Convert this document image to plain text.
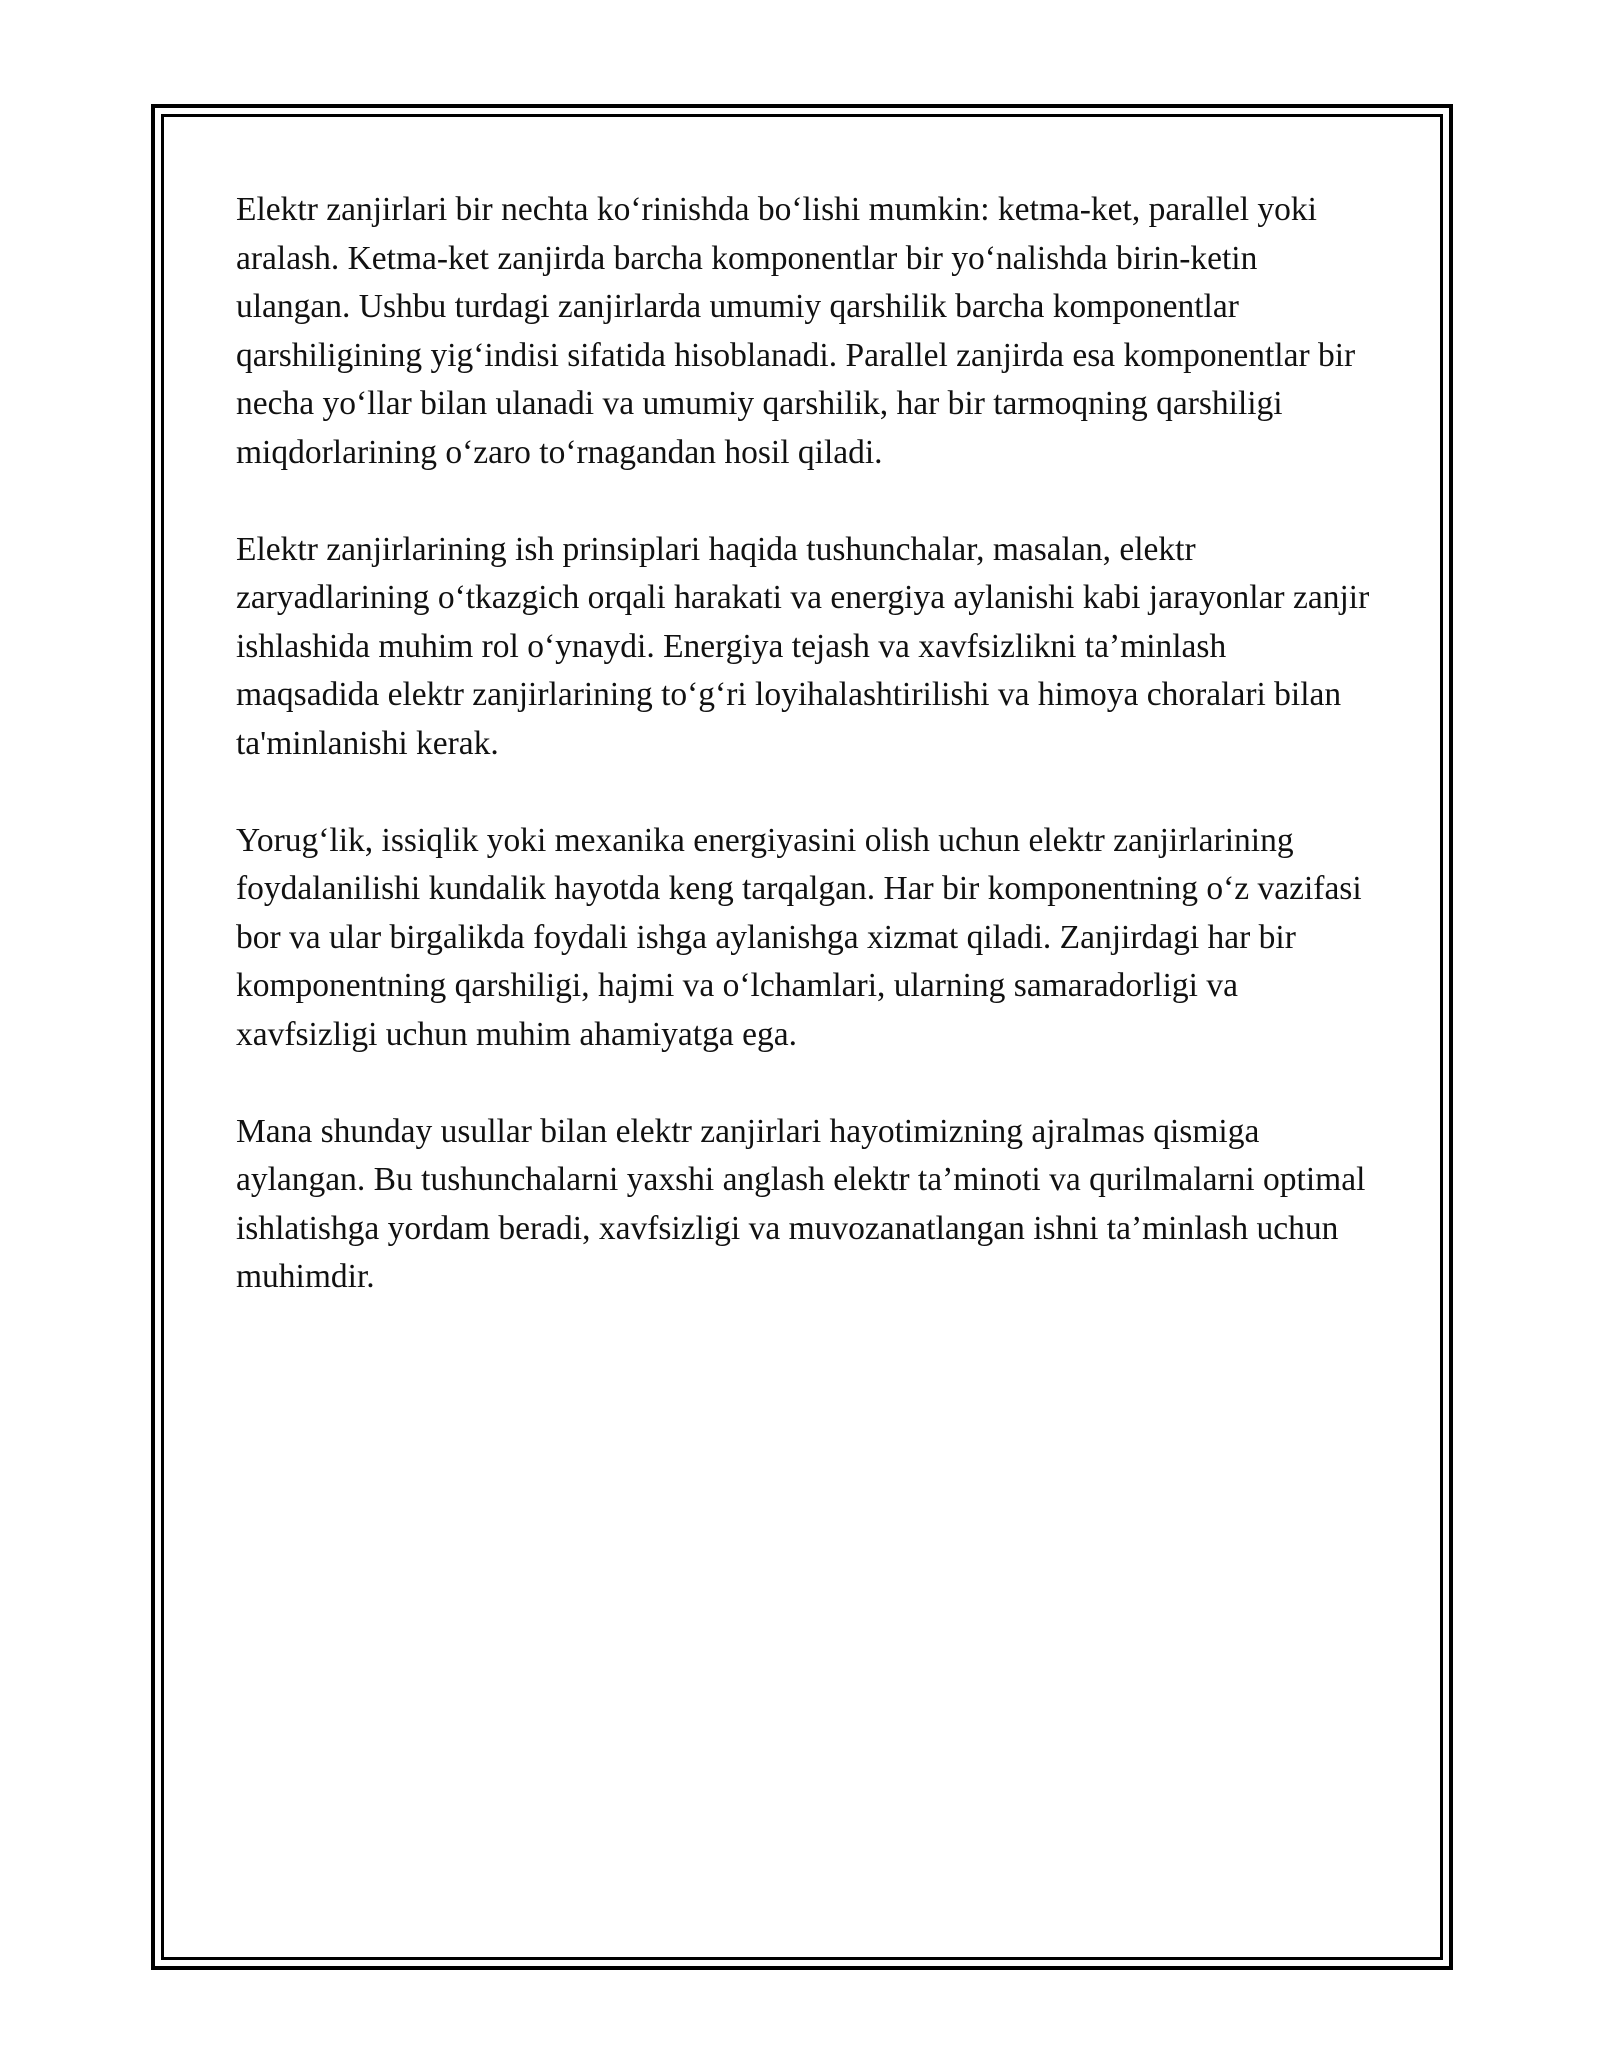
Elektr zanjirlari bir nechta ko‘rinishda bo‘lishi mumkin: ketma-ket, parallel yoki aralash. Ketma-ket zanjirda barcha komponentlar bir yo‘nalishda birin-ketin ulangan. Ushbu turdagi zanjirlarda umumiy qarshilik barcha komponentlar qarshiligining yig‘indisi sifatida hisoblanadi. Parallel zanjirda esa komponentlar bir necha yo‘llar bilan ulanadi va umumiy qarshilik, har bir tarmoqning qarshiligi miqdorlarining o‘zaro to‘rnagandan hosil qiladi.

Elektr zanjirlarining ish prinsiplari haqida tushunchalar, masalan, elektr zaryadlarining o‘tkazgich orqali harakati va energiya aylanishi kabi jarayonlar zanjir ishlashida muhim rol o‘ynaydi. Energiya tejash va xavfsizlikni ta’minlash maqsadida elektr zanjirlarining to‘g‘ri loyihalashtirilishi va himoya choralari bilan ta'minlanishi kerak.

Yorug‘lik, issiqlik yoki mexanika energiyasini olish uchun elektr zanjirlarining foydalanilishi kundalik hayotda keng tarqalgan. Har bir komponentning o‘z vazifasi bor va ular birgalikda foydali ishga aylanishga xizmat qiladi. Zanjirdagi har bir komponentning qarshiligi, hajmi va o‘lchamlari, ularning samaradorligi va xavfsizligi uchun muhim ahamiyatga ega.

Mana shunday usullar bilan elektr zanjirlari hayotimizning ajralmas qismiga aylangan. Bu tushunchalarni yaxshi anglash elektr ta’minoti va qurilmalarni optimal ishlatishga yordam beradi, xavfsizligi va muvozanatlangan ishni ta’minlash uchun muhimdir.
